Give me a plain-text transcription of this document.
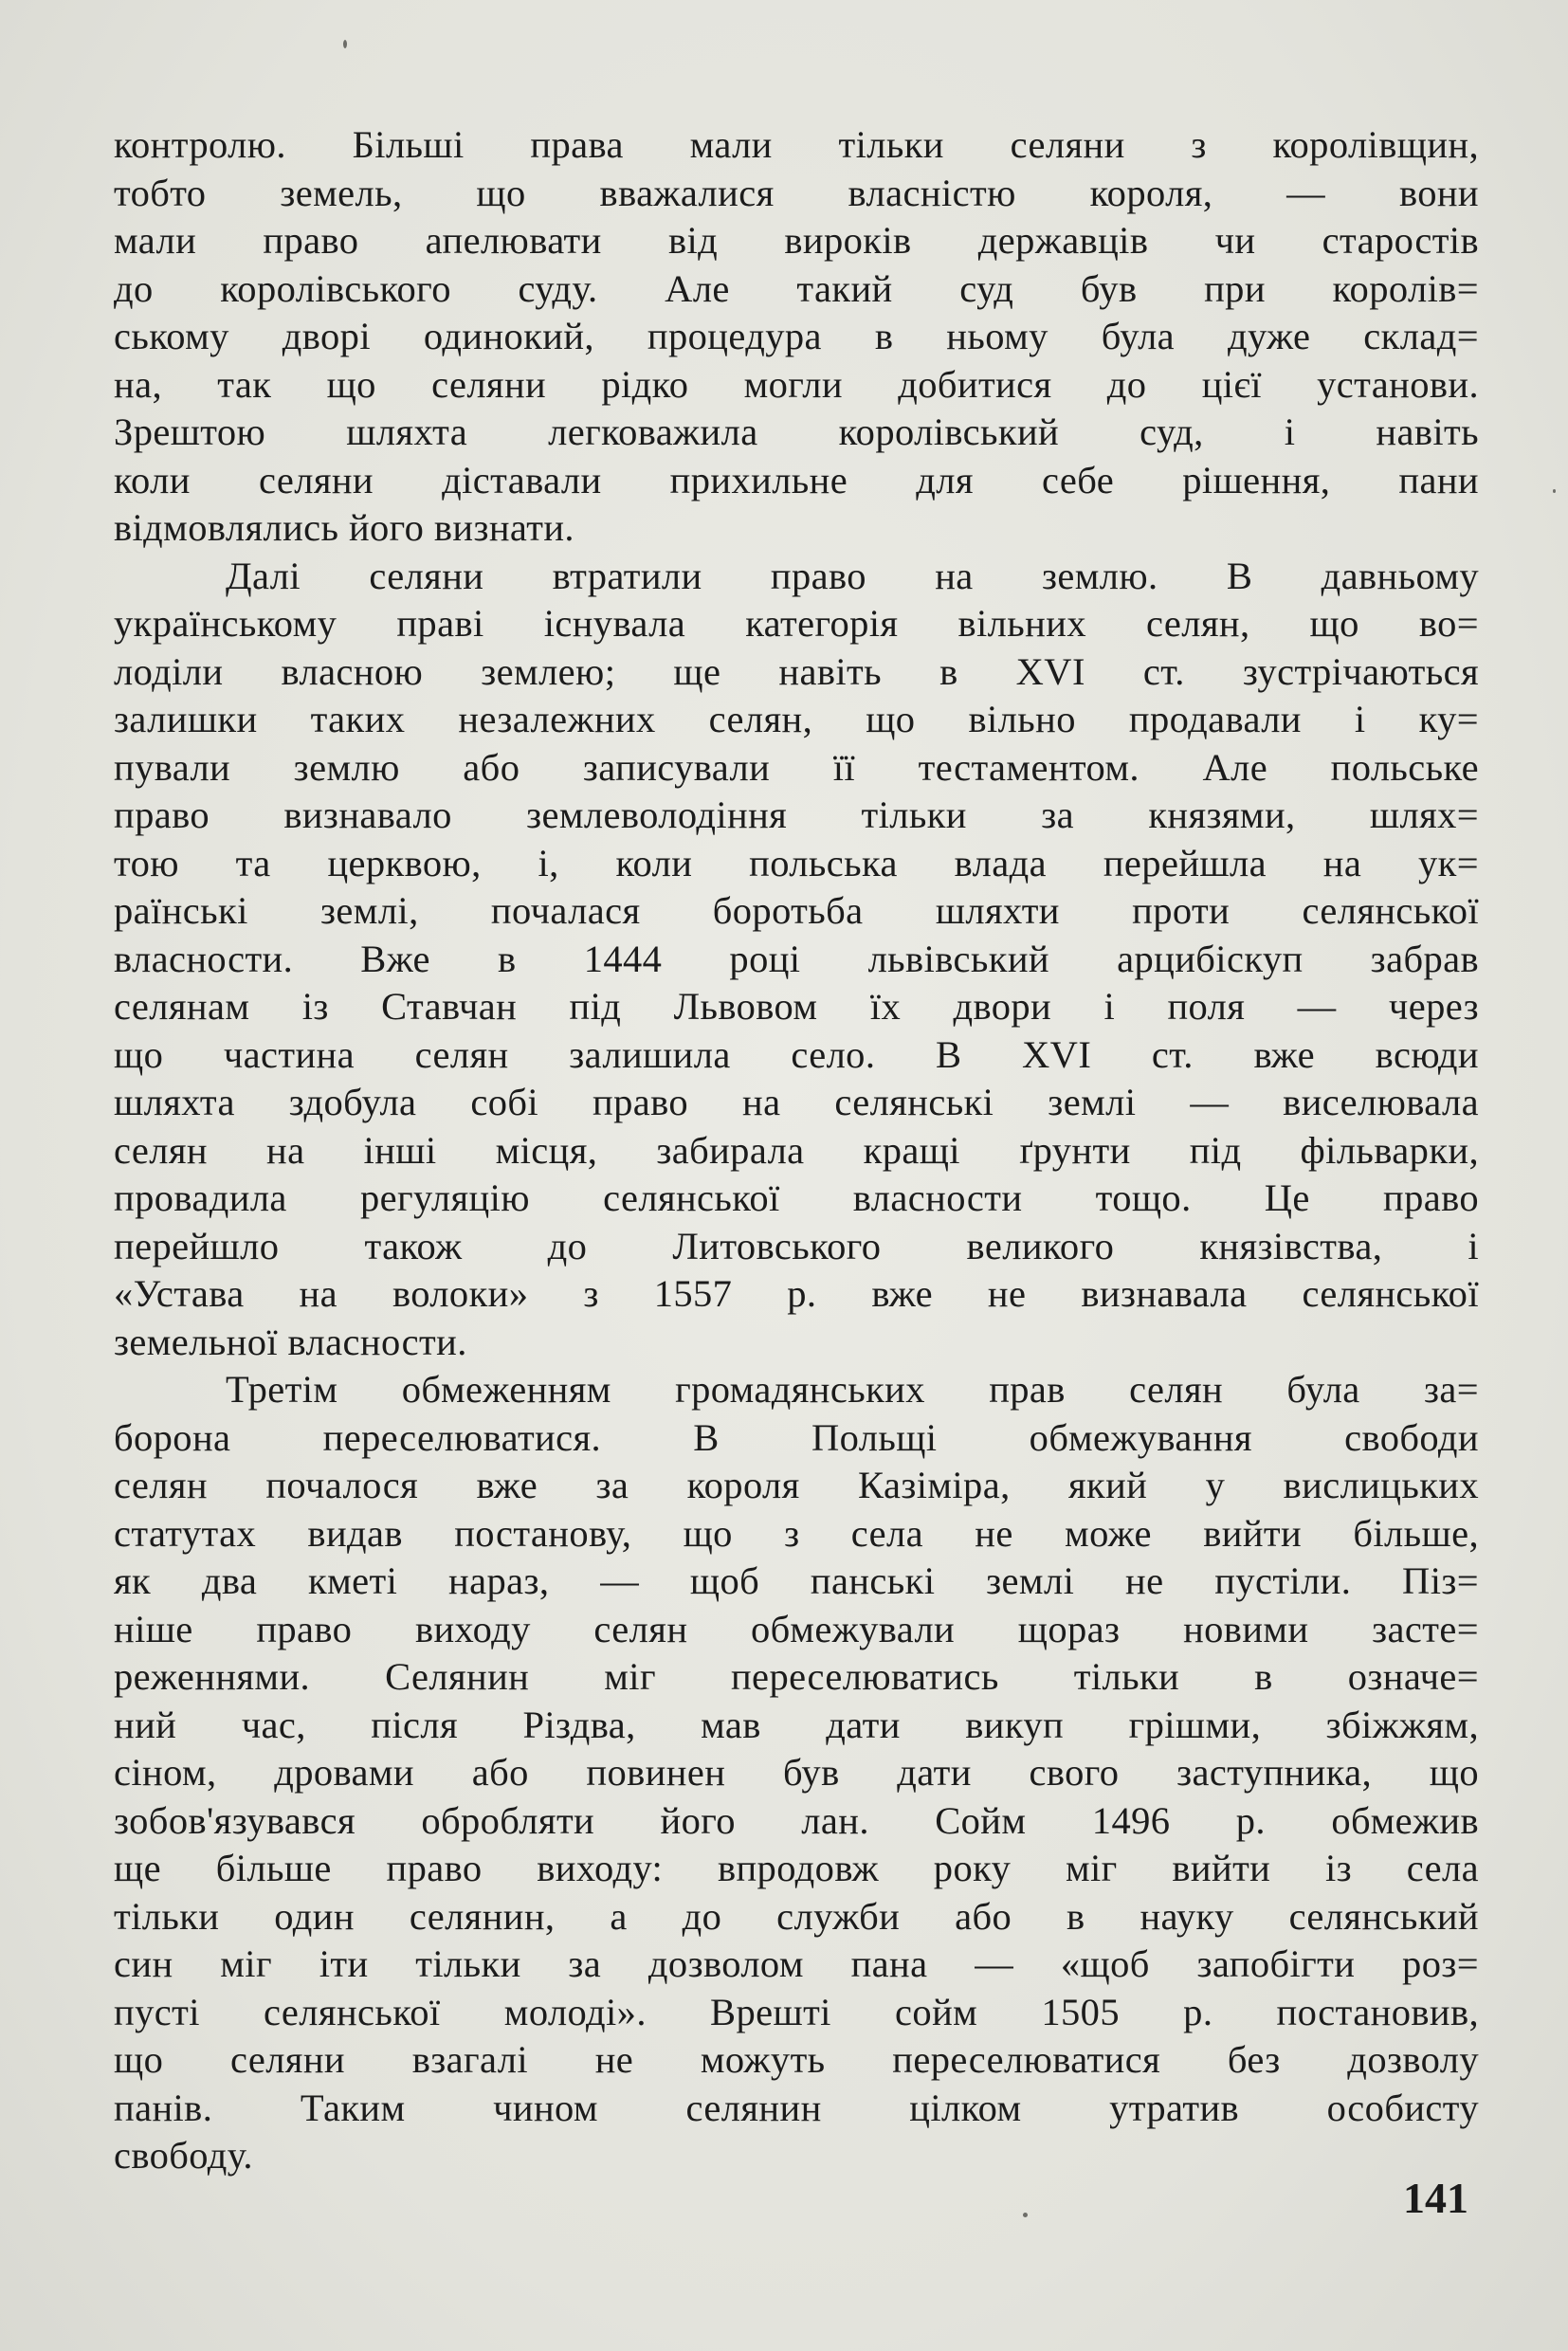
контролю. Більші права мали тільки селяни з королівщин,
тобто земель, що вважалися власністю короля, — вони
мали право апелювати від вироків державців чи старостів
до королівського суду. Але такий суд був при королів=
ському дворі одинокий, процедура в ньому була дуже склад=
на, так що селяни рідко могли добитися до цієї установи.
Зрештою шляхта легковажила королівський суд, і навіть
коли селяни діставали прихильне для себе рішення, пани
відмовлялись його визнати.

Далі селяни втратили право на землю. В давньому
українському праві існувала категорія вільних селян, що во=
лоділи власною землею; ще навіть в XVI ст. зустрічаються
залишки таких незалежних селян, що вільно продавали і ку=
пували землю або записували її тестаментом. Але польське
право визнавало землеволодіння тільки за князями, шлях=
тою та церквою, і, коли польська влада перейшла на ук=
раїнські землі, почалася боротьба шляхти проти селянської
власности. Вже в 1444 році львівський арцибіскуп забрав
селянам із Ставчан під Львовом їх двори і поля — через
що частина селян залишила село. В XVI ст. вже всюди
шляхта здобула собі право на селянські землі — виселювала
селян на інші місця, забирала кращі ґрунти під фільварки,
провадила регуляцію селянської власности тощо. Це право
перейшло також до Литовського великого князівства, і
«Устава на волоки» з 1557 р. вже не визнавала селянської
земельної власности.

Третім обмеженням громадянських прав селян була за=
борона переселюватися. В Польщі обмежування свободи
селян почалося вже за короля Казіміра, який у вислицьких
статутах видав постанову, що з села не може вийти більше,
як два кметі нараз, — щоб панські землі не пустіли. Піз=
ніше право виходу селян обмежували щораз новими засте=
реженнями. Селянин міг переселюватись тільки в означе=
ний час, після Різдва, мав дати викуп грішми, збіжжям,
сіном, дровами або повинен був дати свого заступника, що
зобов'язувався обробляти його лан. Сойм 1496 р. обмежив
ще більше право виходу: впродовж року міг вийти із села
тільки один селянин, а до служби або в науку селянський
син міг іти тільки за дозволом пана — «щоб запобігти роз=
пусті селянської молоді». Врешті сойм 1505 р. постановив,
що селяни взагалі не можуть переселюватися без дозволу
панів. Таким чином селянин цілком утратив особисту
свободу.

141
